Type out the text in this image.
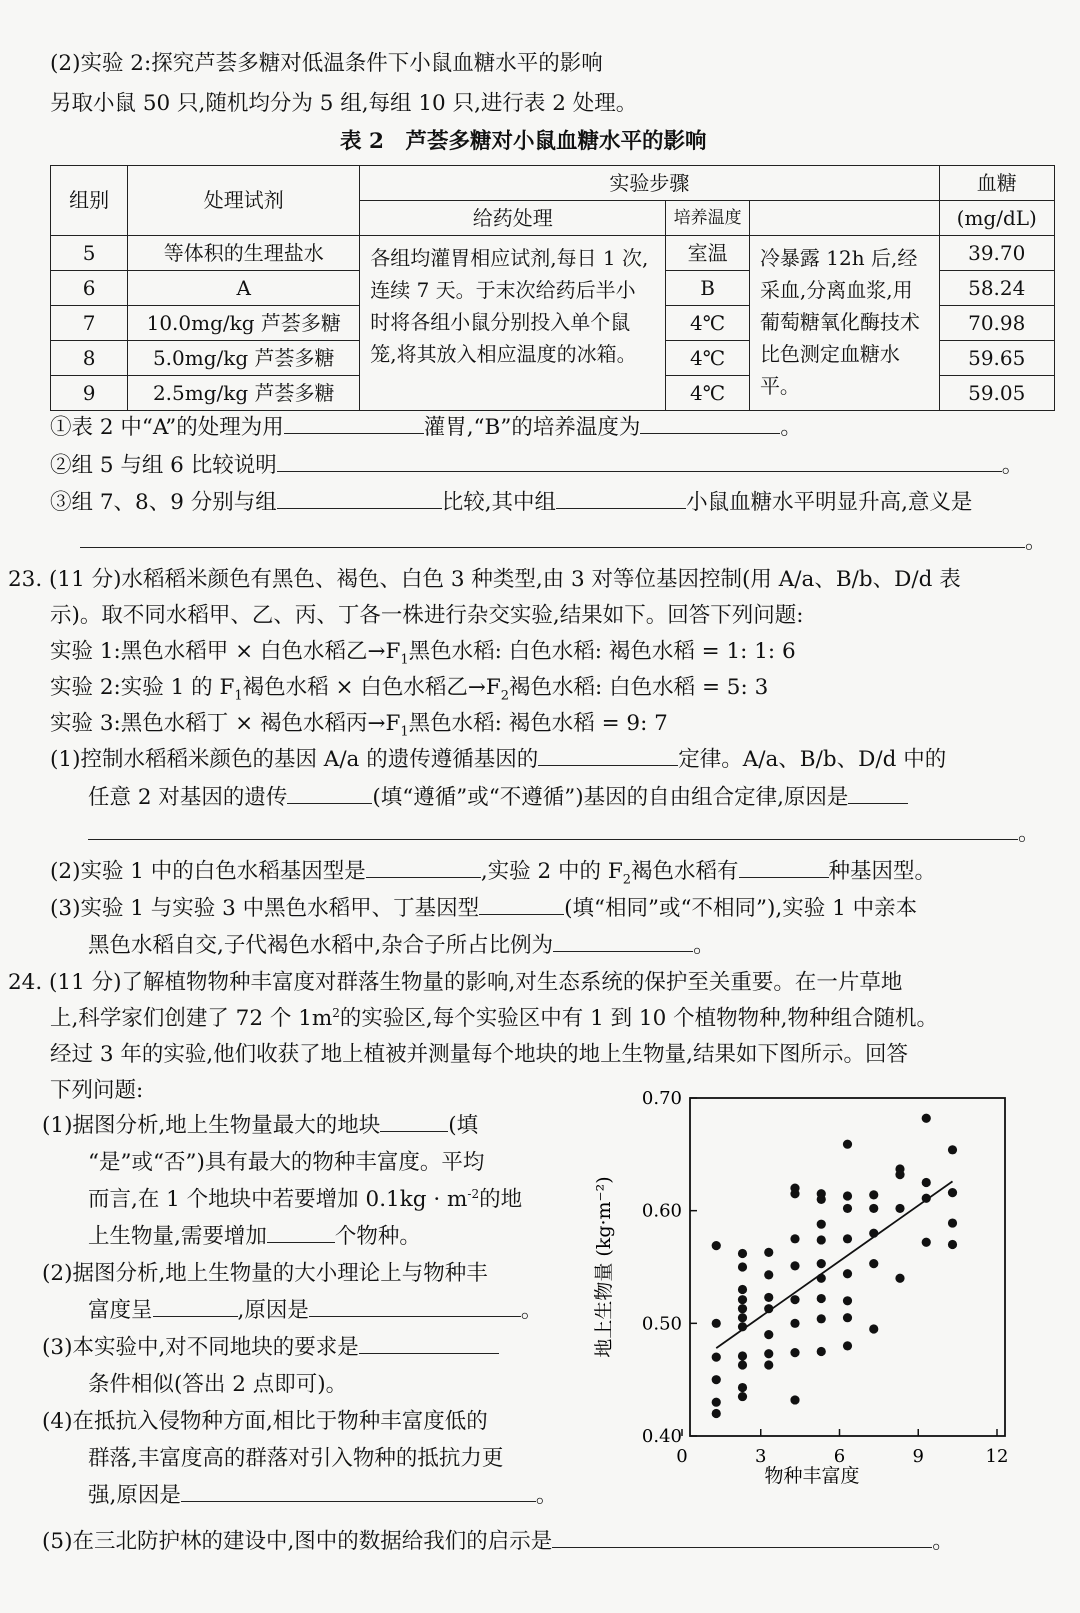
(2)实验 2:探究芦荟多糖对低温条件下小鼠血糖水平的影响
另取小鼠 50 只,随机均分为 5 组,每组 10 只,进行表 2 处理。
表 2　芦荟多糖对小鼠血糖水平的影响
组别	处理试剂	实验步骤			血糖
		给药处理	培养温度		(mg/dL)
5	等体积的生理盐水	各组均灌胃相应试剂,每日 1 次,连续 7 天。于末次给药后半小时将各组小鼠分别投入单个鼠笼,将其放入相应温度的冰箱。	室温	冷暴露 12h 后,经采血,分离血浆,用葡萄糖氧化酶技术比色测定血糖水平。	39.70
6	A		B		58.24
7	10.0mg/kg 芦荟多糖		4℃		70.98
8	5.0mg/kg 芦荟多糖		4℃		59.65
9	2.5mg/kg 芦荟多糖		4℃		59.05
①表 2 中“A”的处理为用	灌胃,“B”的培养温度为	。
②组 5 与组 6 比较说明	。
③组 7、8、9 分别与组	比较,其中组	小鼠血糖水平明显升高,意义是
。
23. (11 分)水稻稻米颜色有黑色、褐色、白色 3 种类型,由 3 对等位基因控制(用 A/a、B/b、D/d 表
示)。取不同水稻甲、乙、丙、丁各一株进行杂交实验,结果如下。回答下列问题:
实验 1:黑色水稻甲 × 白色水稻乙$\to F_1$黑色水稻: 白色水稻: 褐色水稻 = 1: 1: 6
实验 2:实验 1 的 $F_1$褐色水稻 × 白色水稻乙$\to F_2$褐色水稻: 白色水稻 = 5: 3
实验 3:黑色水稻丁 × 褐色水稻丙$\to F_1$黑色水稻: 褐色水稻 = 9: 7
(1)控制水稻稻米颜色的基因 A/a 的遗传遵循基因的	定律。A/a、B/b、D/d 中的
任意 2 对基因的遗传	(填“遵循”或“不遵循”)基因的自由组合定律,原因是
。
(2)实验 1 中的白色水稻基因型是	,实验 2 中的 $F_2$褐色水稻有	种基因型。
(3)实验 1 与实验 3 中黑色水稻甲、丁基因型	(填“相同”或“不相同”),实验 1 中亲本
黑色水稻自交,子代褐色水稻中,杂合子所占比例为	。
24. (11 分)了解植物物种丰富度对群落生物量的影响,对生态系统的保护至关重要。在一片草地
上,科学家们创建了 72 个 $1m^2$的实验区,每个实验区中有 1 到 10 个植物物种,物种组合随机。
经过 3 年的实验,他们收获了地上植被并测量每个地块的地上生物量,结果如下图所示。回答
下列问题:
(1)据图分析,地上生物量最大的地块	(填
“是”或“否”)具有最大的物种丰富度。平均
而言,在 1 个地块中若要增加 $0.1kg \cdot m^{-2}$的地
上生物量,需要增加	个物种。
(2)据图分析,地上生物量的大小理论上与物种丰
富度呈	,原因是	。
(3)本实验中,对不同地块的要求是
条件相似(答出 2 点即可)。
(4)在抵抗入侵物种方面,相比于物种丰富度低的
群落,丰富度高的群落对引入物种的抵抗力更
强,原因是	。
(5)在三北防护林的建设中,图中的数据给我们的启示是	。
0	3	6	9	12
0.40
0.50
0.60
0.70
物种丰富度
地上生物量 (kg·m⁻²)
